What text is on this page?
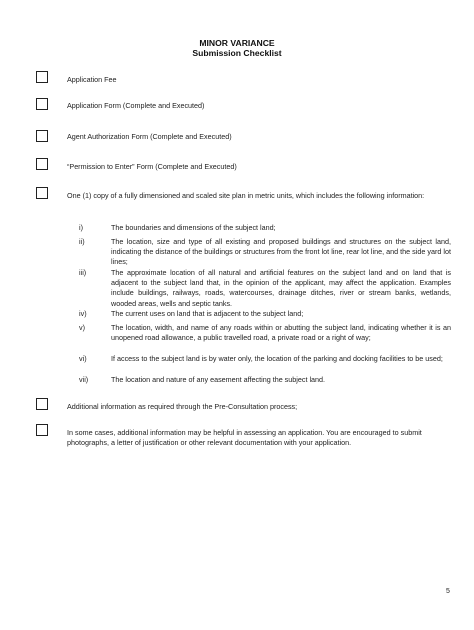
MINOR VARIANCE
Submission Checklist
Application Fee
Application Form (Complete and Executed)
Agent Authorization Form (Complete and Executed)
“Permission to Enter” Form (Complete and Executed)
One (1) copy of a fully dimensioned and scaled site plan in metric units, which includes the following information:
i)	The boundaries and dimensions of the subject land;
ii)	The location, size and type of all existing and proposed buildings and structures on the subject land, indicating the distance of the buildings or structures from the front lot line, rear lot line, and the side yard lot lines;
iii)	The approximate location of all natural and artificial features on the subject land and on land that is adjacent to the subject land that, in the opinion of the applicant, may affect the application. Examples include buildings, railways, roads, watercourses, drainage ditches, river or stream banks, wetlands, wooded areas, wells and septic tanks.
iv)	The current uses on land that is adjacent to the subject land;
v)	The location, width, and name of any roads within or abutting the subject land, indicating whether it is an unopened road allowance, a public travelled road, a private road or a right of way;
vi)	If access to the subject land is by water only, the location of the parking and docking facilities to be used;
vii)	The location and nature of any easement affecting the subject land.
Additional information as required through the Pre-Consultation process;
In some cases, additional information may be helpful in assessing an application. You are encouraged to submit photographs, a letter of justification or other relevant documentation with your application.
5
